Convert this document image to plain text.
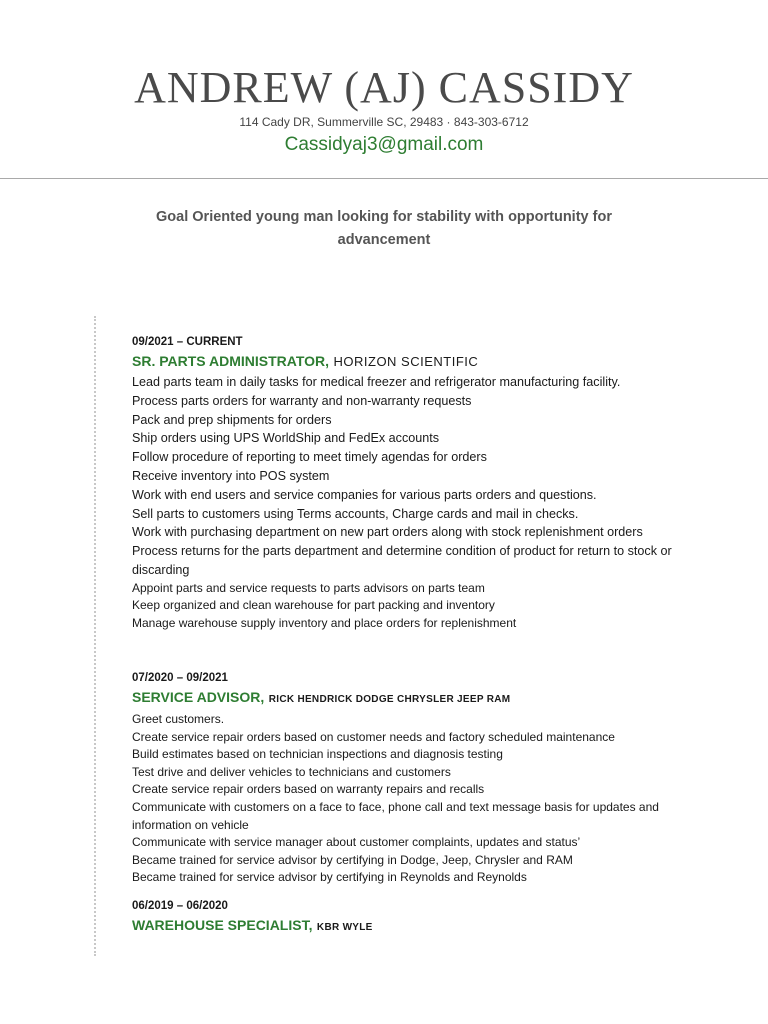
ANDREW (AJ) CASSIDY
114 Cady DR, Summerville SC, 29483 · 843-303-6712
Cassidyaj3@gmail.com
Goal Oriented young man looking for stability with opportunity for advancement
09/2021 – CURRENT
SR. PARTS ADMINISTRATOR, HORIZON SCIENTIFIC
Lead parts team in daily tasks for medical freezer and refrigerator manufacturing facility.
Process parts orders for warranty and non-warranty requests
Pack and prep shipments for orders
Ship orders using UPS WorldShip and FedEx accounts
Follow procedure of reporting to meet timely agendas for orders
Receive inventory into POS system
Work with end users and service companies for various parts orders and questions.
Sell parts to customers using Terms accounts, Charge cards and mail in checks.
Work with purchasing department on new part orders along with stock replenishment orders
Process returns for the parts department and determine condition of product for return to stock or discarding
Appoint parts and service requests to parts advisors on parts team
Keep organized and clean warehouse for part packing and inventory
Manage warehouse supply inventory and place orders for replenishment
07/2020 – 09/2021
SERVICE ADVISOR, RICK HENDRICK DODGE CHRYSLER JEEP RAM
Greet customers.
Create service repair orders based on customer needs and factory scheduled maintenance
Build estimates based on technician inspections and diagnosis testing
Test drive and deliver vehicles to technicians and customers
Create service repair orders based on warranty repairs and recalls
Communicate with customers on a face to face, phone call and text message basis for updates and information on vehicle
Communicate with service manager about customer complaints, updates and status’
Became trained for service advisor by certifying in Dodge, Jeep, Chrysler and RAM
Became trained for service advisor by certifying in Reynolds and Reynolds
06/2019 – 06/2020
WAREHOUSE SPECIALIST, KBR WYLE
